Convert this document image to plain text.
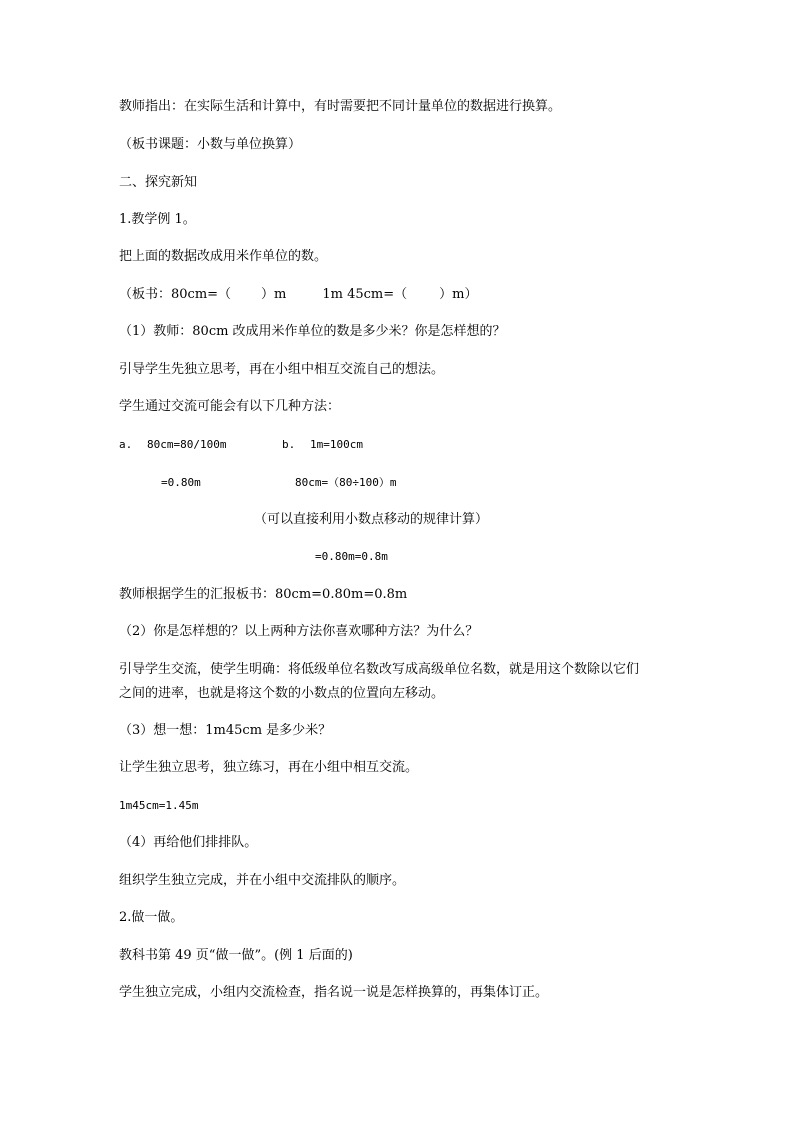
教师指出：在实际生活和计算中，有时需要把不同计量单位的数据进行换算。
（板书课题：小数与单位换算）
二、探究新知
1.教学例 1。
把上面的数据改成用米作单位的数。
（板书：80cm=（ ）m	1m 45cm=（ ）m）
（1）教师：80cm 改成用米作单位的数是多少米？你是怎样想的？
引导学生先独立思考，再在小组中相互交流自己的想法。
学生通过交流可能会有以下几种方法：
a. 80cm=80/100m	b. 1m=100cm
=0.80m	80cm=（80÷100）m
（可以直接利用小数点移动的规律计算）
=0.80m=0.8m
教师根据学生的汇报板书：80cm=0.80m=0.8m
（2）你是怎样想的？以上两种方法你喜欢哪种方法？为什么？
引导学生交流，使学生明确：将低级单位名数改写成高级单位名数，就是用这个数除以它们
之间的进率，也就是将这个数的小数点的位置向左移动。
（3）想一想：1m45cm 是多少米？
让学生独立思考，独立练习，再在小组中相互交流。
1m45cm=1.45m
（4）再给他们排排队。
组织学生独立完成，并在小组中交流排队的顺序。
2.做一做。
教科书第 49 页“做一做”。(例 1 后面的)
学生独立完成，小组内交流检查，指名说一说是怎样换算的，再集体订正。
